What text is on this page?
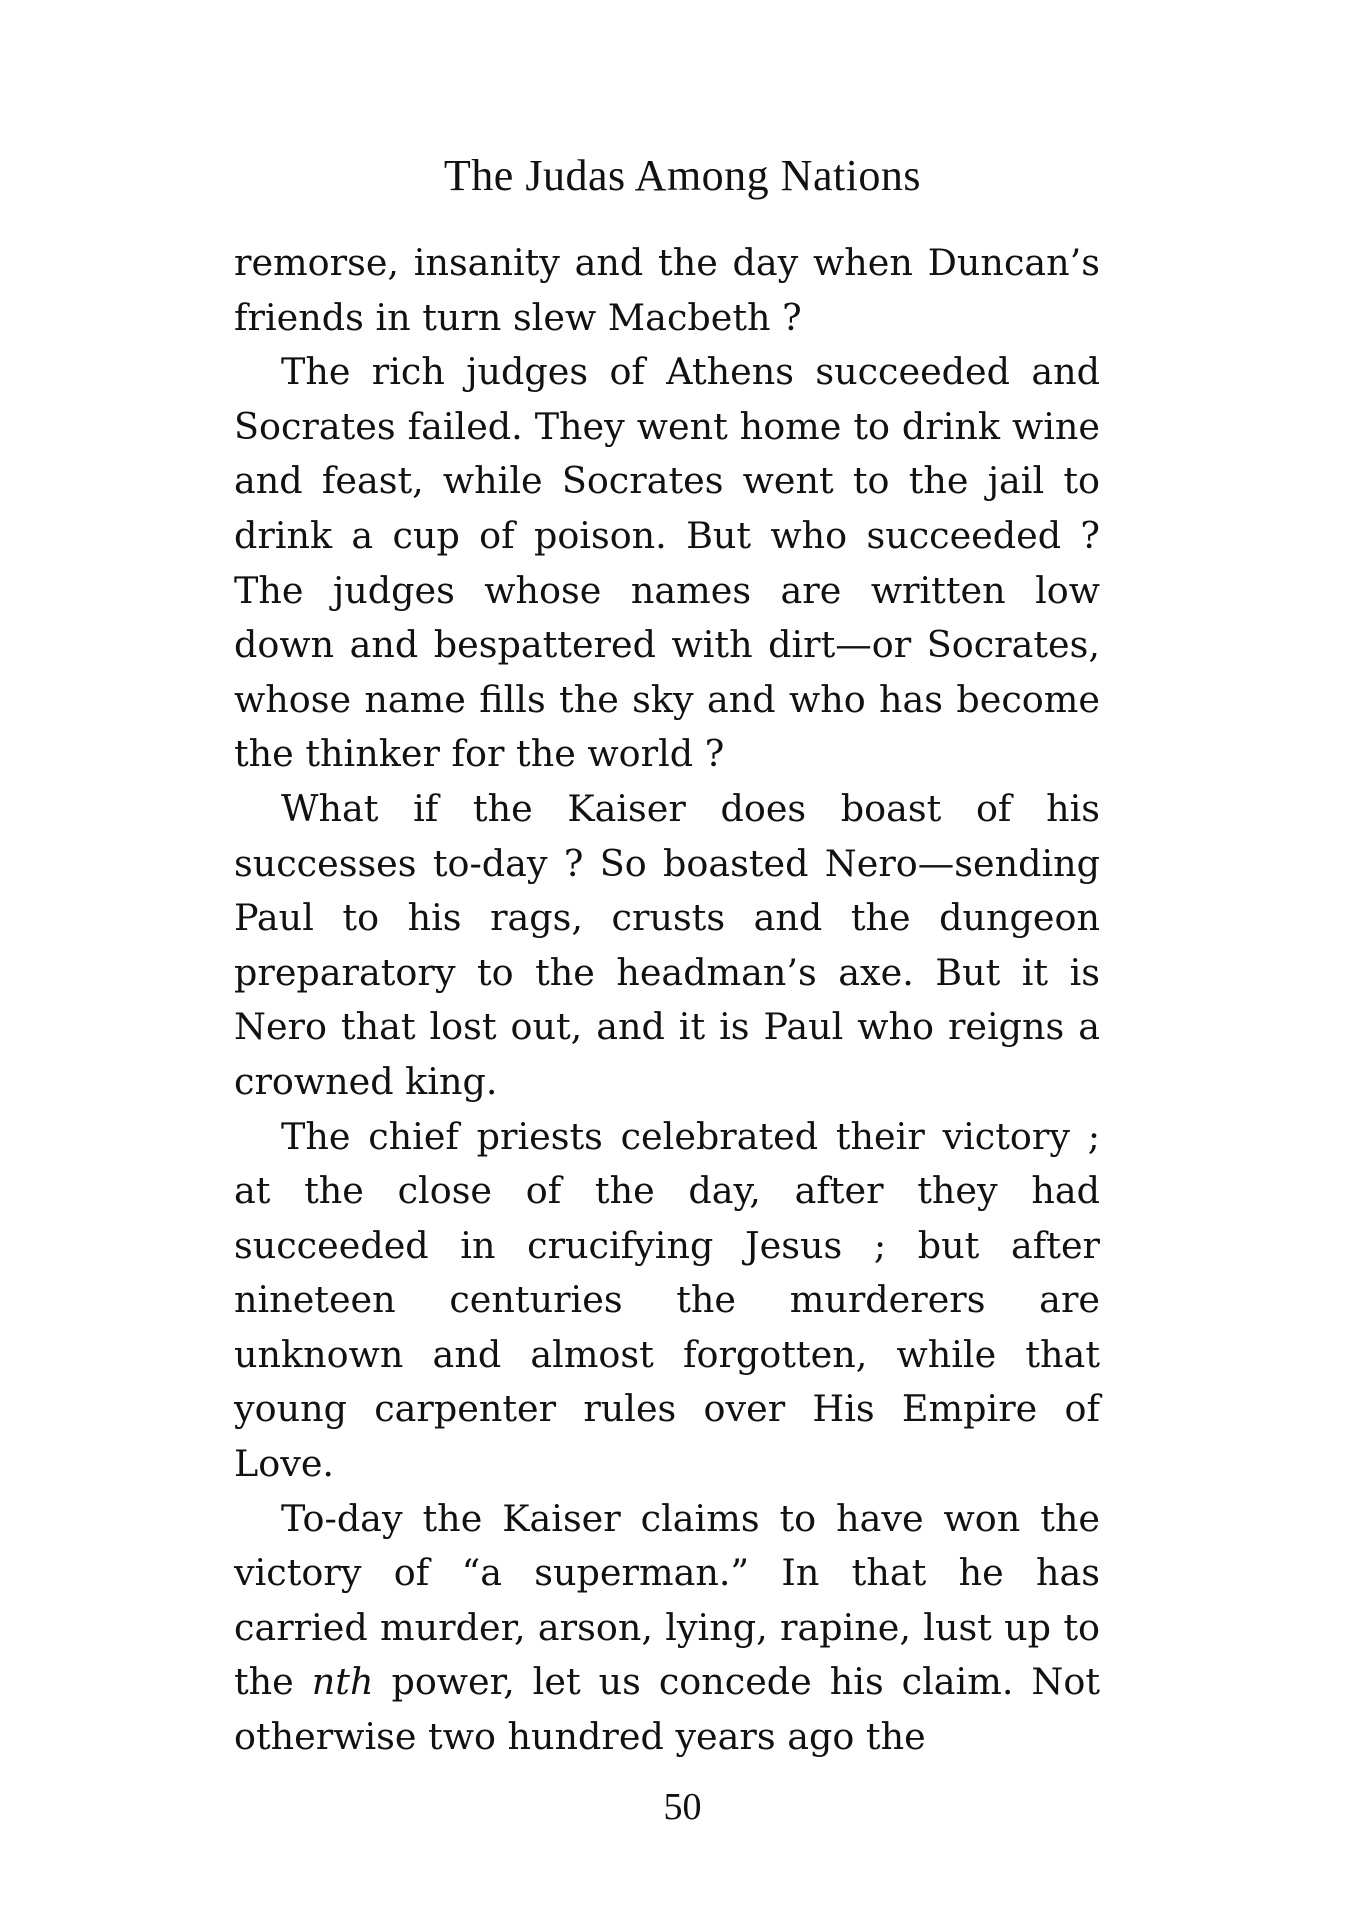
The Judas Among Nations

remorse, insanity and the day when Duncan’s friends in turn slew Macbeth ?

The rich judges of Athens succeeded and Socrates failed. They went home to drink wine and feast, while Socrates went to the jail to drink a cup of poison. But who succeeded ? The judges whose names are written low down and bespattered with dirt—or Socrates, whose name fills the sky and who has become the thinker for the world ?

What if the Kaiser does boast of his successes to-day ? So boasted Nero—sending Paul to his rags, crusts and the dungeon preparatory to the headman’s axe. But it is Nero that lost out, and it is Paul who reigns a crowned king.

The chief priests celebrated their victory ; at the close of the day, after they had succeeded in crucifying Jesus ; but after nineteen centuries the murderers are unknown and almost forgotten, while that young carpenter rules over His Empire of Love.

To-day the Kaiser claims to have won the victory of “a superman.” In that he has carried murder, arson, lying, rapine, lust up to the nth power, let us concede his claim. Not otherwise two hundred years ago the

50
